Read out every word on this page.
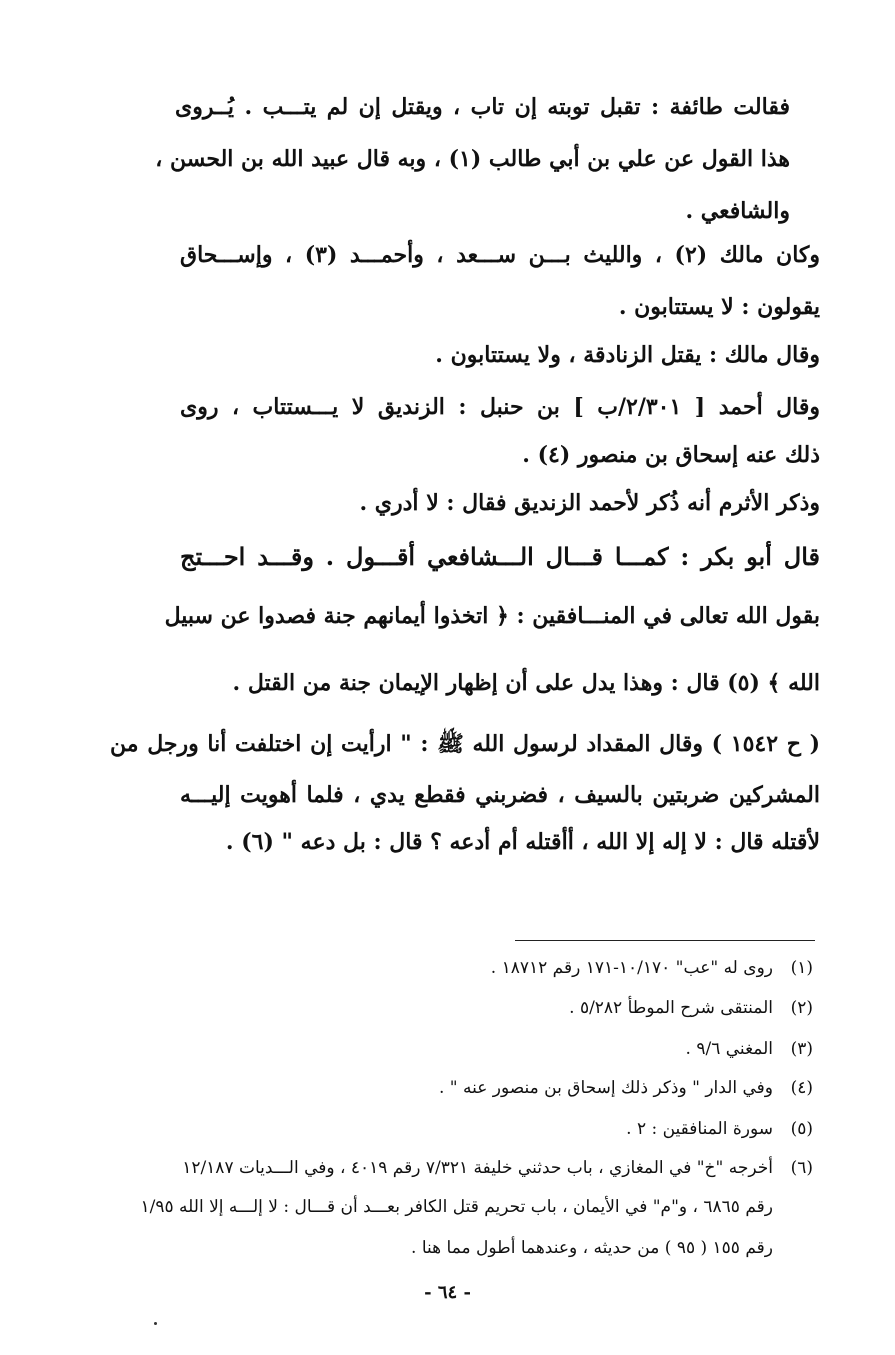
فقالت طائفة : تقبل توبته إن تاب ، ويقتل إن لم يتـــب . يُــروى
هذا القول عن علي بن أبي طالب (١) ، وبه قال عبيد الله بن الحسن ،
والشافعي .
وكان مالك (٢) ، والليث بـــن ســـعد ، وأحمـــد (٣) ، وإســـحاق
يقولون : لا يستتابون .
وقال مالك : يقتل الزنادقة ، ولا يستتابون .
وقال أحمد [ ٢/٣٠١/ب ] بن حنبل : الزنديق لا يـــستتاب ، روى
ذلك عنه إسحاق بن منصور (٤) .
وذكر الأثرم أنه ذُكر لأحمد الزنديق فقال : لا أدري .
قال أبو بكر : كمـــا قـــال الـــشافعي أقـــول . وقـــد احـــتج
بقول الله تعالى في المنـــافقين : ﴿ اتخذوا أيمانهم جنة فصدوا عن سبيل
الله ﴾ (٥) قال : وهذا يدل على أن إظهار الإيمان جنة من القتل .
( ح ١٥٤٢ ) وقال المقداد لرسول الله ﷺ : " ارأيت إن اختلفت أنا ورجل من
المشركين ضربتين بالسيف ، فضربني فقطع يدي ، فلما أهويت إليـــه
لأقتله قال : لا إله إلا الله ، أأقتله أم أدعه ؟ قال : بل دعه " (٦) .
(١)روى له "عب" ١٠/١٧٠-١٧١ رقم ١٨٧١٢ .
(٢)المنتقى شرح الموطأ ٥/٢٨٢ .
(٣)المغني ٩/٦ .
(٤)وفي الدار " وذكر ذلك إسحاق بن منصور عنه " .
(٥)سورة المنافقين : ٢ .
(٦)أخرجه "خ" في المغازي ، باب حدثني خليفة ٧/٣٢١ رقم ٤٠١٩ ، وفي الـــديات ١٢/١٨٧
رقم ٦٨٦٥ ، و"م" في الأيمان ، باب تحريم قتل الكافر بعـــد أن قـــال : لا إلـــه إلا الله ١/٩٥
رقم ١٥٥ ( ٩٥ ) من حديثه ، وعندهما أطول مما هنا .
- ٦٤ -
